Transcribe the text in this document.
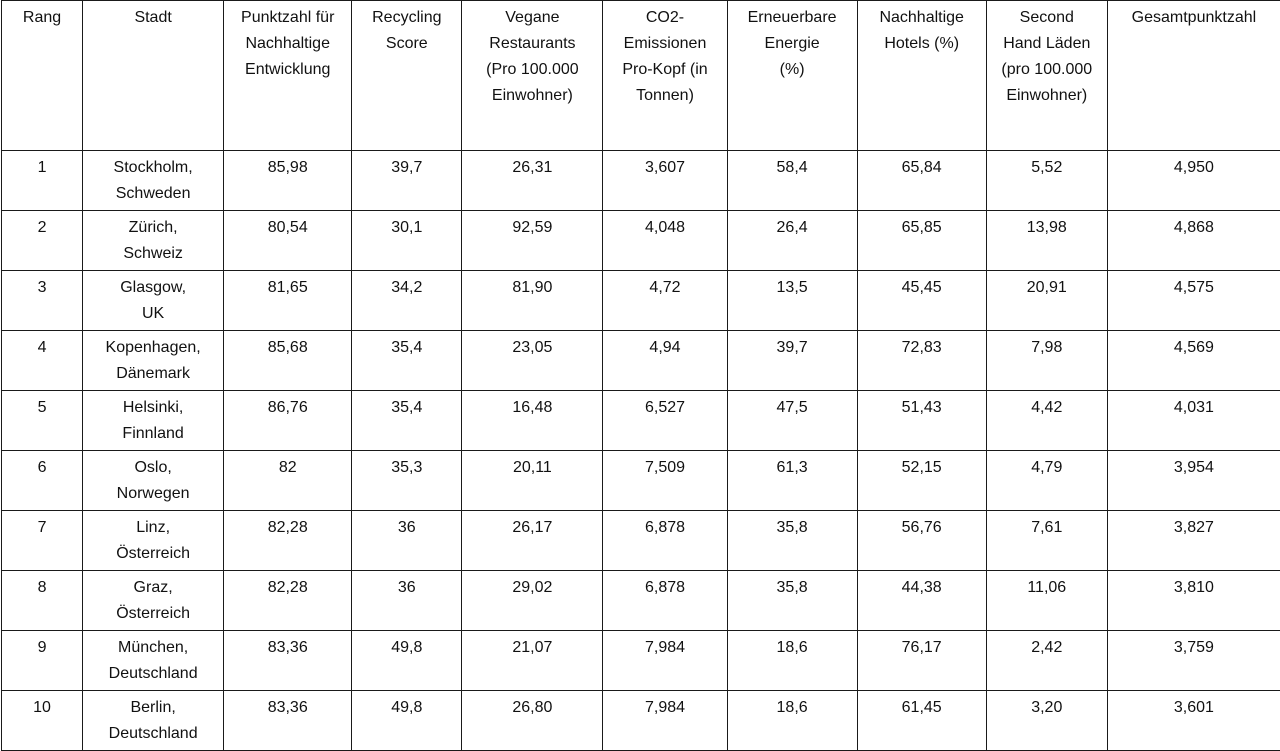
Rang	Stadt	Punktzahl für
Nachhaltige
Entwicklung	Recycling
Score	Vegane
Restaurants
(Pro 100.000
Einwohner)	CO2-
Emissionen
Pro-Kopf (in
Tonnen)	Erneuerbare
Energie
(%)	Nachhaltige
Hotels (%)	Second
Hand Läden
(pro 100.000
Einwohner)	Gesamtpunktzahl
1	Stockholm,
Schweden	85,98	39,7	26,31	3,607	58,4	65,84	5,52	4,950
2	Zürich,
Schweiz	80,54	30,1	92,59	4,048	26,4	65,85	13,98	4,868
3	Glasgow,
UK	81,65	34,2	81,90	4,72	13,5	45,45	20,91	4,575
4	Kopenhagen,
Dänemark	85,68	35,4	23,05	4,94	39,7	72,83	7,98	4,569
5	Helsinki,
Finnland	86,76	35,4	16,48	6,527	47,5	51,43	4,42	4,031
6	Oslo,
Norwegen	82	35,3	20,11	7,509	61,3	52,15	4,79	3,954
7	Linz,
Österreich	82,28	36	26,17	6,878	35,8	56,76	7,61	3,827
8	Graz,
Österreich	82,28	36	29,02	6,878	35,8	44,38	11,06	3,810
9	München,
Deutschland	83,36	49,8	21,07	7,984	18,6	76,17	2,42	3,759
10	Berlin,
Deutschland	83,36	49,8	26,80	7,984	18,6	61,45	3,20	3,601
